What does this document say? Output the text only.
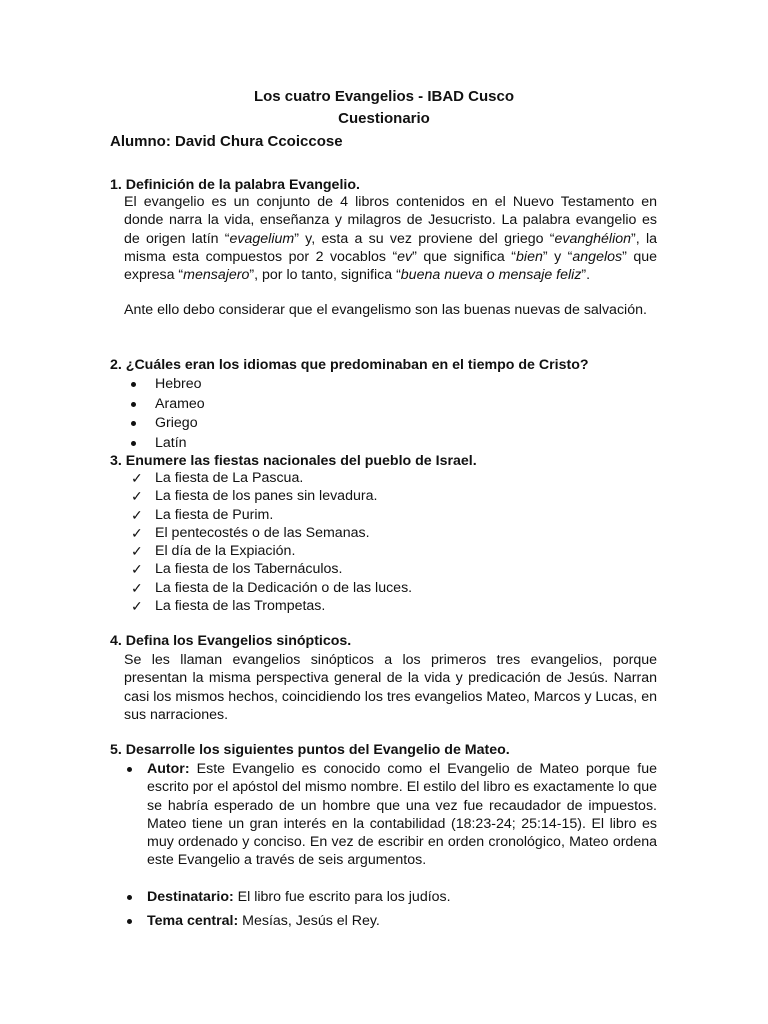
Los cuatro Evangelios - IBAD Cusco
Cuestionario
Alumno: David Chura Ccoiccose
1. Definición de la palabra Evangelio.
El evangelio es un conjunto de 4 libros contenidos en el Nuevo Testamento en donde narra la vida, enseñanza y milagros de Jesucristo. La palabra evangelio es de origen latín “evagelium” y, esta a su vez proviene del griego “evanghélion”, la misma esta compuestos por 2 vocablos “ev” que significa “bien” y “angelos” que expresa “mensajero”, por lo tanto, significa “buena nueva o mensaje feliz”.
Ante ello debo considerar que el evangelismo son las buenas nuevas de salvación.
2. ¿Cuáles eran los idiomas que predominaban en el tiempo de Cristo?
Hebreo
Arameo
Griego
Latín
3. Enumere las fiestas nacionales del pueblo de Israel.
✓ La fiesta de La Pascua.
✓ La fiesta de los panes sin levadura.
✓ La fiesta de Purim.
✓ El pentecostés o de las Semanas.
✓ El día de la Expiación.
✓ La fiesta de los Tabernáculos.
✓ La fiesta de la Dedicación o de las luces.
✓ La fiesta de las Trompetas.
4. Defina los Evangelios sinópticos.
Se les llaman evangelios sinópticos a los primeros tres evangelios, porque presentan la misma perspectiva general de la vida y predicación de Jesús. Narran casi los mismos hechos, coincidiendo los tres evangelios Mateo, Marcos y Lucas, en sus narraciones.
5. Desarrolle los siguientes puntos del Evangelio de Mateo.
Autor: Este Evangelio es conocido como el Evangelio de Mateo porque fue escrito por el apóstol del mismo nombre. El estilo del libro es exactamente lo que se habría esperado de un hombre que una vez fue recaudador de impuestos. Mateo tiene un gran interés en la contabilidad (18:23-24; 25:14-15). El libro es muy ordenado y conciso. En vez de escribir en orden cronológico, Mateo ordena este Evangelio a través de seis argumentos.
Destinatario: El libro fue escrito para los judíos.
Tema central: Mesías, Jesús el Rey.
